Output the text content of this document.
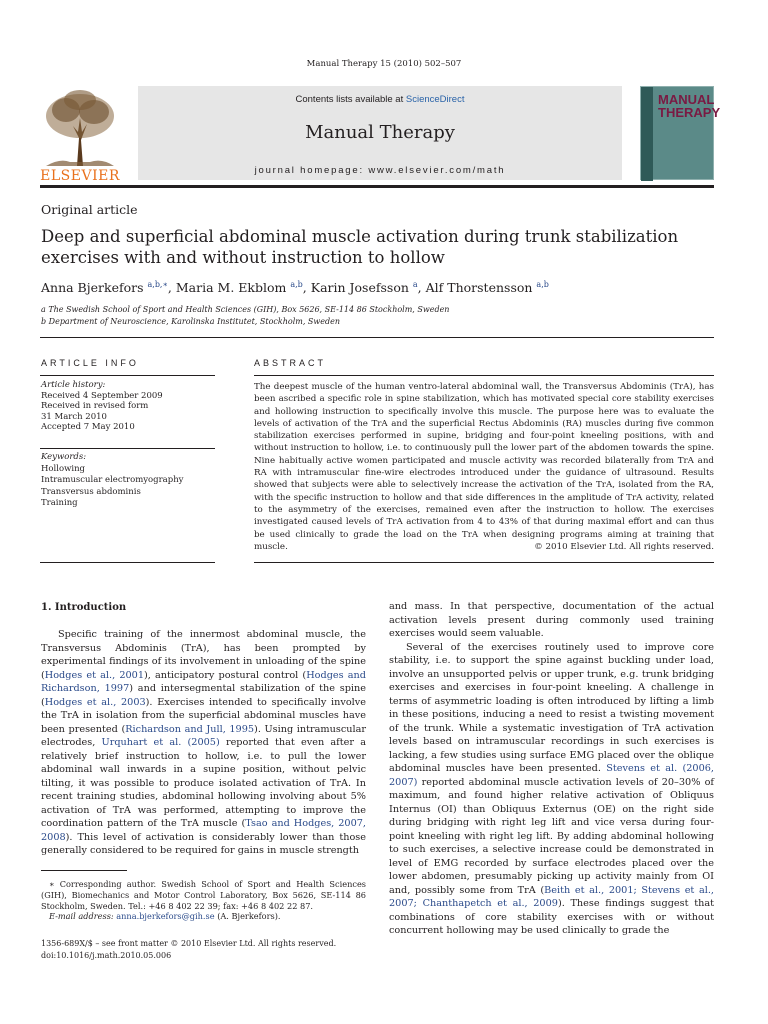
Manual Therapy 15 (2010) 502–507
ELSEVIER
Contents lists available at ScienceDirect
Manual Therapy
journal homepage: www.elsevier.com/math
MANUAL
THERAPY
Original article
Deep and superficial abdominal muscle activation during trunk stabilization exercises with and without instruction to hollow
Anna Bjerkefors $^{a,b,∗}$, Maria M. Ekblom $^{a,b}$, Karin Josefsson $^a$, Alf Thorstensson $^{a,b}$
a The Swedish School of Sport and Health Sciences (GIH), Box 5626, SE-114 86 Stockholm, Sweden
b Department of Neuroscience, Karolinska Institutet, Stockholm, Sweden
ARTICLE INFO	ABSTRACT
Article history:
Received 4 September 2009
Received in revised form
31 March 2010
Accepted 7 May 2010
Keywords:
Hollowing
Intramuscular electromyography
Transversus abdominis
Training
The deepest muscle of the human ventro-lateral abdominal wall, the Transversus Abdominis (TrA), has been ascribed a specific role in spine stabilization, which has motivated special core stability exercises and hollowing instruction to specifically involve this muscle. The purpose here was to evaluate the levels of activation of the TrA and the superficial Rectus Abdominis (RA) muscles during five common stabilization exercises performed in supine, bridging and four-point kneeling positions, with and without instruction to hollow, i.e. to continuously pull the lower part of the abdomen towards the spine. Nine habitually active women participated and muscle activity was recorded bilaterally from TrA and RA with intramuscular fine-wire electrodes introduced under the guidance of ultrasound. Results showed that subjects were able to selectively increase the activation of the TrA, isolated from the RA, with the specific instruction to hollow and that side differences in the amplitude of TrA activity, related to the asymmetry of the exercises, remained even after the instruction to hollow. The exercises investigated caused levels of TrA activation from 4 to 43% of that during maximal effort and can thus be used clinically to grade the load on the TrA when designing programs aiming at training that muscle.	© 2010 Elsevier Ltd. All rights reserved.
1. Introduction

Specific training of the innermost abdominal muscle, the Transversus Abdominis (TrA), has been prompted by experimental findings of its involvement in unloading of the spine (Hodges et al., 2001), anticipatory postural control (Hodges and Richardson, 1997) and intersegmental stabilization of the spine (Hodges et al., 2003). Exercises intended to specifically involve the TrA in isolation from the superficial abdominal muscles have been presented (Richardson and Jull, 1995). Using intramuscular electrodes, Urquhart et al. (2005) reported that even after a relatively brief instruction to hollow, i.e. to pull the lower abdominal wall inwards in a supine position, without pelvic tilting, it was possible to produce isolated activation of TrA. In recent training studies, abdominal hollowing involving about 5% activation of TrA was performed, attempting to improve the coordination pattern of the TrA muscle (Tsao and Hodges, 2007, 2008). This level of activation is considerably lower than those generally considered to be required for gains in muscle strength

and mass. In that perspective, documentation of the actual activation levels present during commonly used training exercises would seem valuable.

Several of the exercises routinely used to improve core stability, i.e. to support the spine against buckling under load, involve an unsupported pelvis or upper trunk, e.g. trunk bridging exercises and exercises in four-point kneeling. A challenge in terms of asymmetric loading is often introduced by lifting a limb in these positions, inducing a need to resist a twisting movement of the trunk. While a systematic investigation of TrA activation levels based on intramuscular recordings in such exercises is lacking, a few studies using surface EMG placed over the oblique abdominal muscles have been presented. Stevens et al. (2006, 2007) reported abdominal muscle activation levels of 20–30% of maximum, and found higher relative activation of Obliquus Internus (OI) than Obliquus Externus (OE) on the right side during bridging with right leg lift and vice versa during four-point kneeling with right leg lift. By adding abdominal hollowing to such exercises, a selective increase could be demonstrated in level of EMG recorded by surface electrodes placed over the lower abdomen, presumably picking up activity mainly from OI and, possibly some from TrA (Beith et al., 2001; Stevens et al., 2007; Chanthapetch et al., 2009). These findings suggest that combinations of core stability exercises with or without concurrent hollowing may be used clinically to grade the

∗ Corresponding author. Swedish School of Sport and Health Sciences (GIH), Biomechanics and Motor Control Laboratory, Box 5626, SE-114 86 Stockholm, Sweden. Tel.: +46 8 402 22 39; fax: +46 8 402 22 87.
E-mail address: anna.bjerkefors@gih.se (A. Bjerkefors).
1356-689X/$ – see front matter © 2010 Elsevier Ltd. All rights reserved.
doi:10.1016/j.math.2010.05.006
